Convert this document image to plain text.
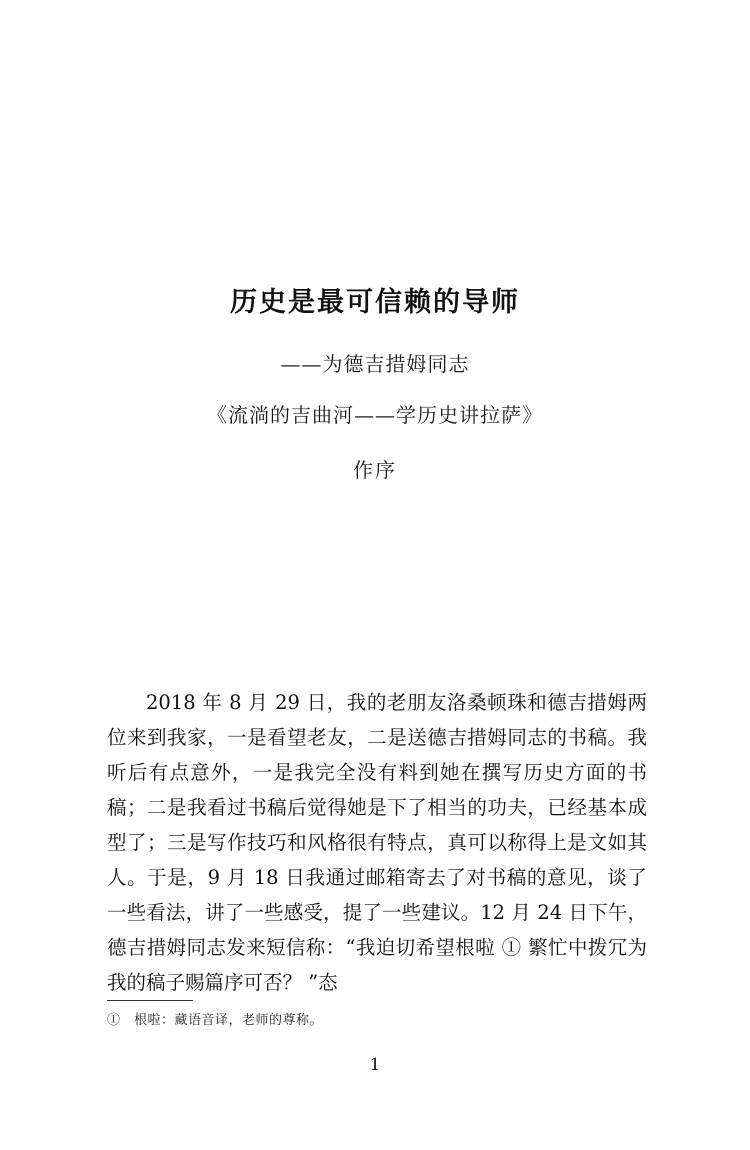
历史是最可信赖的导师
——为德吉措姆同志
《流淌的吉曲河——学历史讲拉萨》
作序

2018 年 8 月 29 日，我的老朋友洛桑顿珠和德吉措姆两位来到我家，一是看望老友，二是送德吉措姆同志的书稿。我听后有点意外，一是我完全没有料到她在撰写历史方面的书稿；二是我看过书稿后觉得她是下了相当的功夫，已经基本成型了；三是写作技巧和风格很有特点，真可以称得上是文如其人。于是，9 月 18 日我通过邮箱寄去了对书稿的意见，谈了一些看法，讲了一些感受，提了一些建议。12 月 24 日下午，德吉措姆同志发来短信称：“我迫切希望根啦 ① 繁忙中拨冗为我的稿子赐篇序可否？ ”态

①　根啦：藏语音译，老师的尊称。
1
